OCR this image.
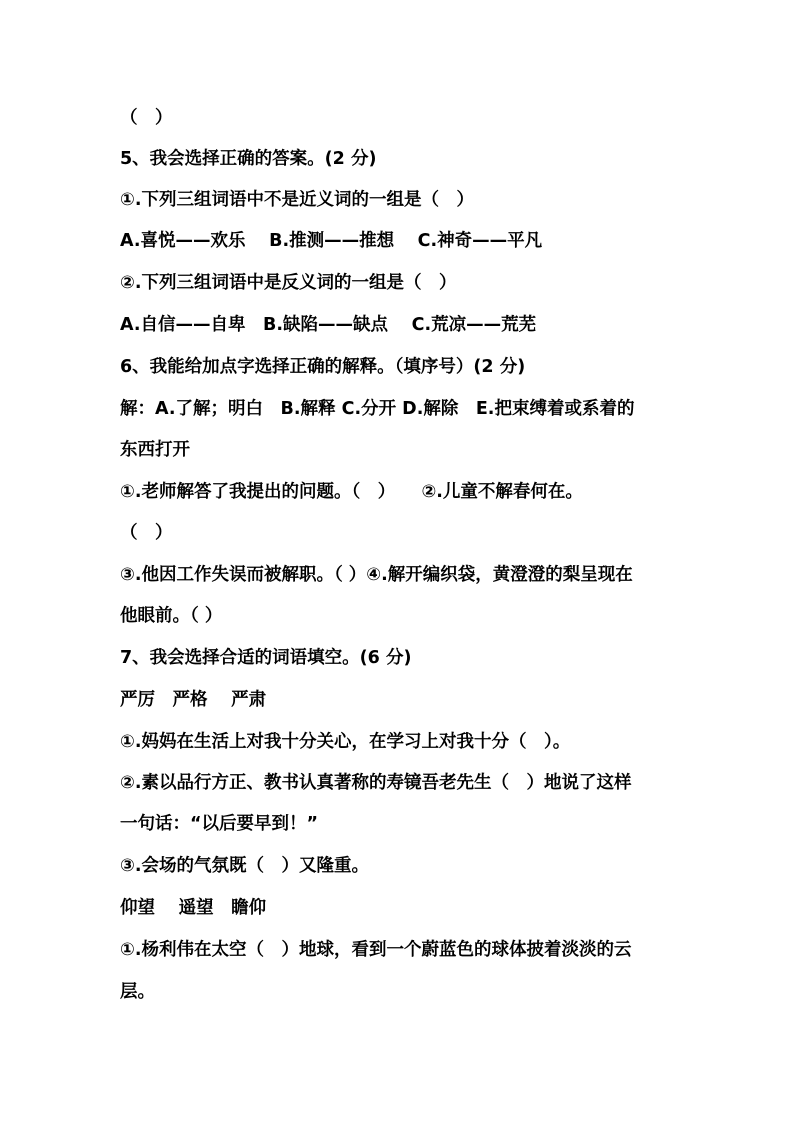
（　）
5、我会选择正确的答案。(2 分)
①.下列三组词语中不是近义词的一组是（　）
A.喜悦——欢乐　 B.推测——推想 　C.神奇——平凡
②.下列三组词语中是反义词的一组是（　）
A.自信——自卑　B.缺陷——缺点　 C.荒凉——荒芜
6、我能给加点字选择正确的解释。（填序号）(2 分)
解：A.了解；明白　B.解释 C.分开 D.解除　E.把束缚着或系着的
东西打开
①.老师解答了我提出的问题。（　）　　②.儿童不解春何在。
（　）
③.他因工作失误而被解职。（ ）④.解开编织袋，黄澄澄的梨呈现在
他眼前。（ ）
7、我会选择合适的词语填空。(6 分)
严厉　严格　 严肃
①.妈妈在生活上对我十分关心，在学习上对我十分（　）。
②.素以品行方正、教书认真著称的寿镜吾老先生（　）地说了这样
一句话：“以后要早到！”
③.会场的气氛既（　）又隆重。
仰望　 遥望　瞻仰
①.杨利伟在太空（　）地球，看到一个蔚蓝色的球体披着淡淡的云
层。
